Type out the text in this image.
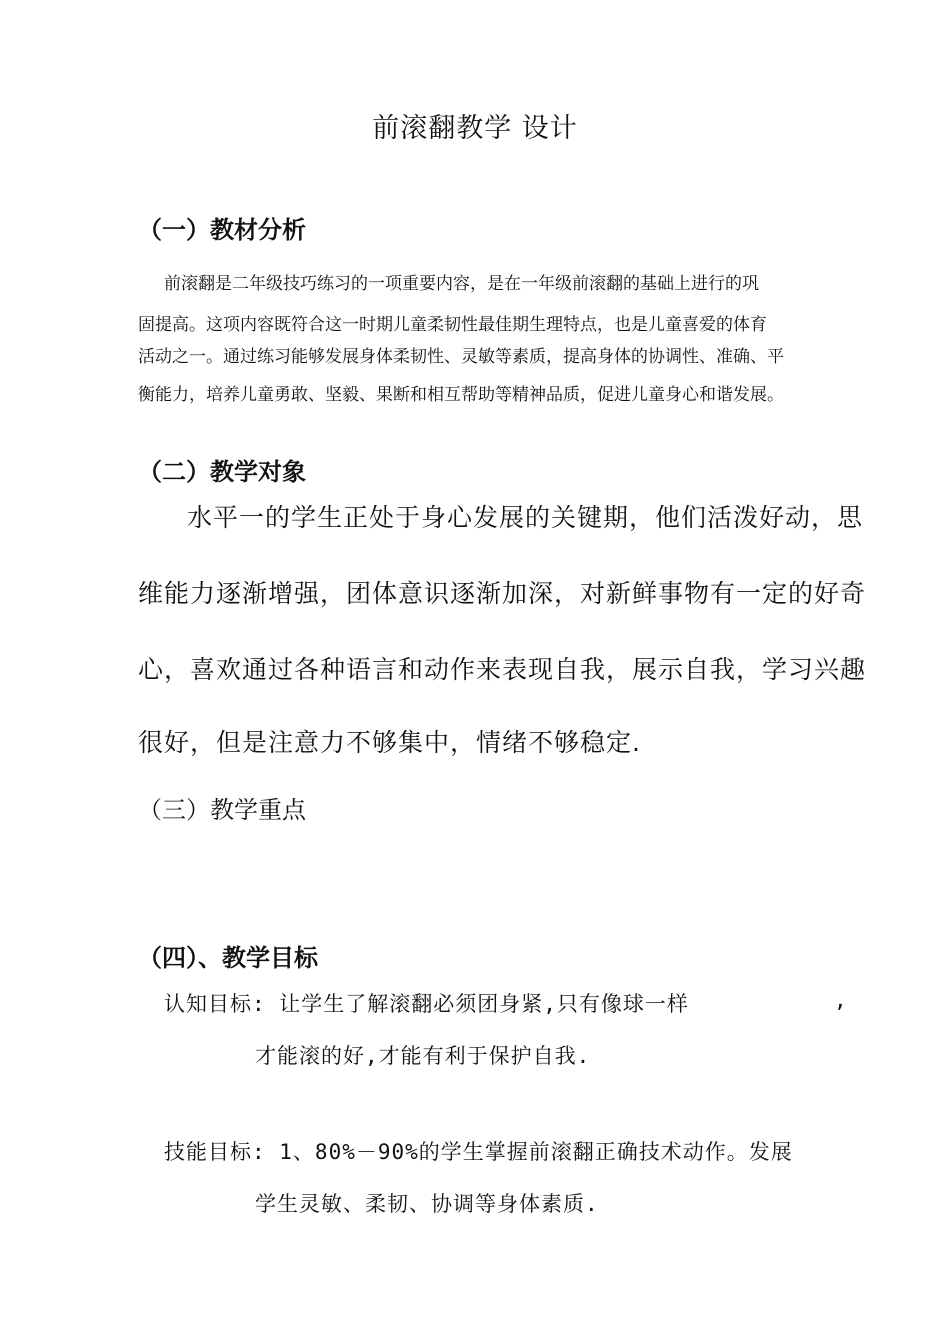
前滚翻教学 设计
（一）教材分析
前滚翻是二年级技巧练习的一项重要内容，是在一年级前滚翻的基础上进行的巩
固提高。这项内容既符合这一时期儿童柔韧性最佳期生理特点，也是儿童喜爱的体育
活动之一。通过练习能够发展身体柔韧性、灵敏等素质，提高身体的协调性、准确、平
衡能力，培养儿童勇敢、坚毅、果断和相互帮助等精神品质，促进儿童身心和谐发展。
（二）教学对象
水平一的学生正处于身心发展的关键期，他们活泼好动，思
维能力逐渐增强，团体意识逐渐加深，对新鲜事物有一定的好奇
心，喜欢通过各种语言和动作来表现自我，展示自我，学习兴趣
很好，但是注意力不够集中，情绪不够稳定.
（三）教学重点
（四）、教学目标
认知目标: 让学生了解滚翻必须团身紧,只有像球一样	,
才能滚的好,才能有利于保护自我.
技能目标: 1、80%－90%的学生掌握前滚翻正确技术动作。发展
学生灵敏、柔韧、协调等身体素质.
